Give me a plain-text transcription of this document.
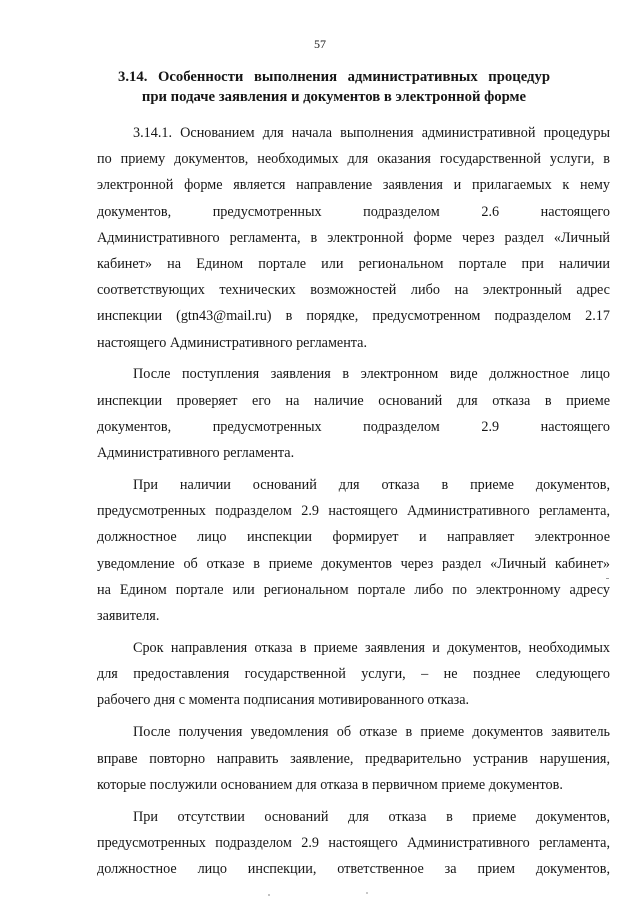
57
3.14. Особенности выполнения административных процедур
при подаче заявления и документов в электронной форме
3.14.1. Основанием для начала выполнения административной процедуры
по приему документов, необходимых для оказания государственной услуги, в
электронной форме является направление заявления и прилагаемых к нему
документов, предусмотренных подразделом 2.6 настоящего
Административного регламента, в электронной форме через раздел «Личный
кабинет» на Едином портале или региональном портале при наличии
соответствующих технических возможностей либо на электронный адрес
инспекции (gtn43@mail.ru) в порядке, предусмотренном подразделом 2.17
настоящего Административного регламента.
После поступления заявления в электронном виде должностное лицо
инспекции проверяет его на наличие оснований для отказа в приеме
документов, предусмотренных подразделом 2.9 настоящего
Административного регламента.
При наличии оснований для отказа в приеме документов,
предусмотренных подразделом 2.9 настоящего Административного регламента,
должностное лицо инспекции формирует и направляет электронное
уведомление об отказе в приеме документов через раздел «Личный кабинет»
на Едином портале или региональном портале либо по электронному адресу
заявителя.
Срок направления отказа в приеме заявления и документов, необходимых
для предоставления государственной услуги, – не позднее следующего
рабочего дня с момента подписания мотивированного отказа.
После получения уведомления об отказе в приеме документов заявитель
вправе повторно направить заявление, предварительно устранив нарушения,
которые послужили основанием для отказа в первичном приеме документов.
При отсутствии оснований для отказа в приеме документов,
предусмотренных подразделом 2.9 настоящего Административного регламента,
должностное лицо инспекции, ответственное за прием документов,
